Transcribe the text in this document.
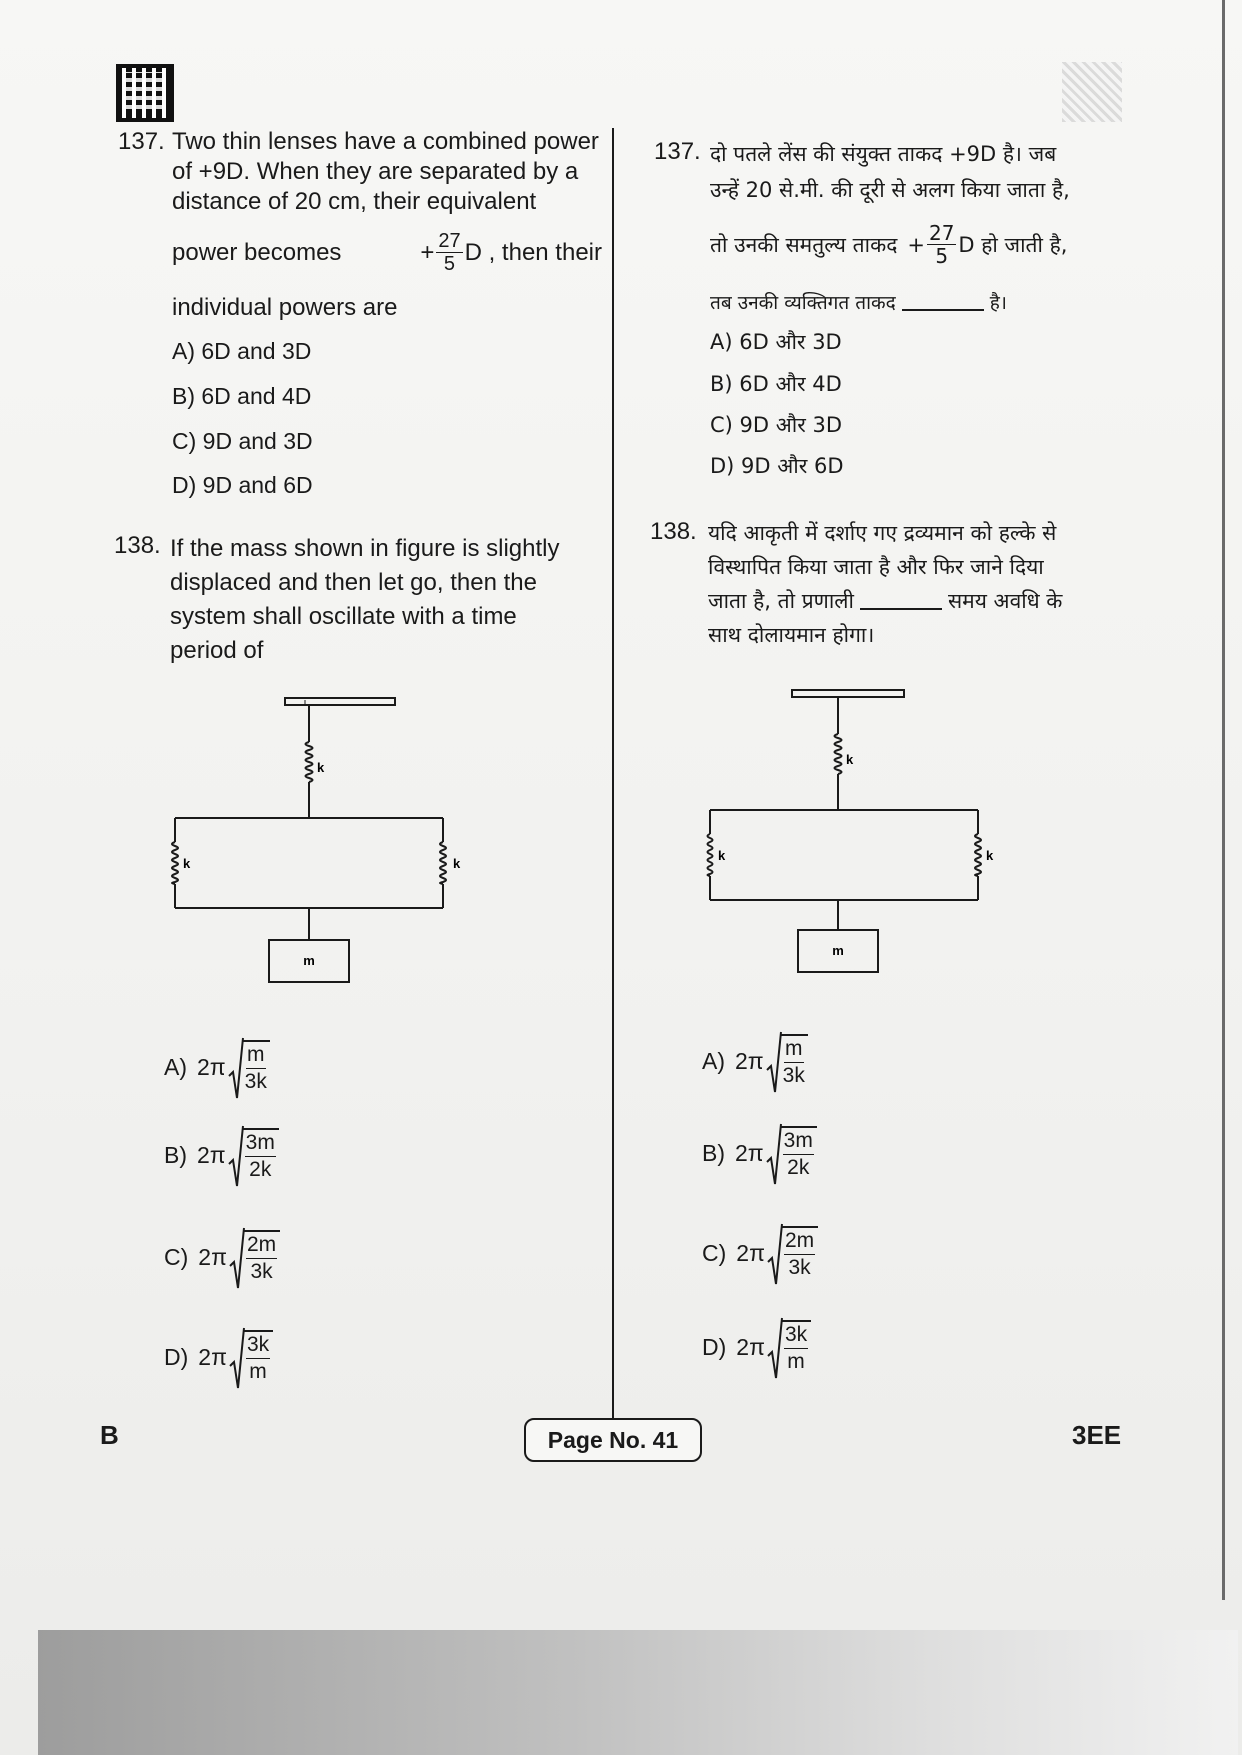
137. Two thin lenses have a combined power
of +9D. When they are separated by a
distance of 20 cm, their equivalent
power becomes	+ $\frac{27}{5}$ D , then their
individual powers are
A) 6D and 3D
B) 6D and 4D
C) 9D and 3D
D) 9D and 6D
138. If the mass shown in figure is slightly
displaced and then let go, then the
system shall oscillate with a time
period of
k
k	k
m
A) $2\pi \frac{m}{3k}$
B) $2\pi \frac{3m}{2k}$
C) $2\pi \frac{2m}{3k}$
D) $2\pi \frac{3k}{m}$
137. दो पतले लेंस की संयुक्त ताकद +9D है। जब
उन्हें 20 से.मी. की दूरी से अलग किया जाता है,
तो उनकी समतुल्य ताकद + $\frac{27}{5}$ D हो जाती है,
तब उनकी व्यक्तिगत ताकद	है।
A) 6D और 3D
B) 6D और 4D
C) 9D और 3D
D) 9D और 6D
138. यदि आकृती में दर्शाए गए द्रव्यमान को हल्के से
विस्थापित किया जाता है और फिर जाने दिया
जाता है, तो प्रणाली	समय अवधि के
साथ दोलायमान होगा।
k
k	k
m
A) $2\pi \frac{m}{3k}$
B) $2\pi \frac{3m}{2k}$
C) $2\pi \frac{2m}{3k}$
D) $2\pi \frac{3k}{m}$
B	Page No. 41	3EE
